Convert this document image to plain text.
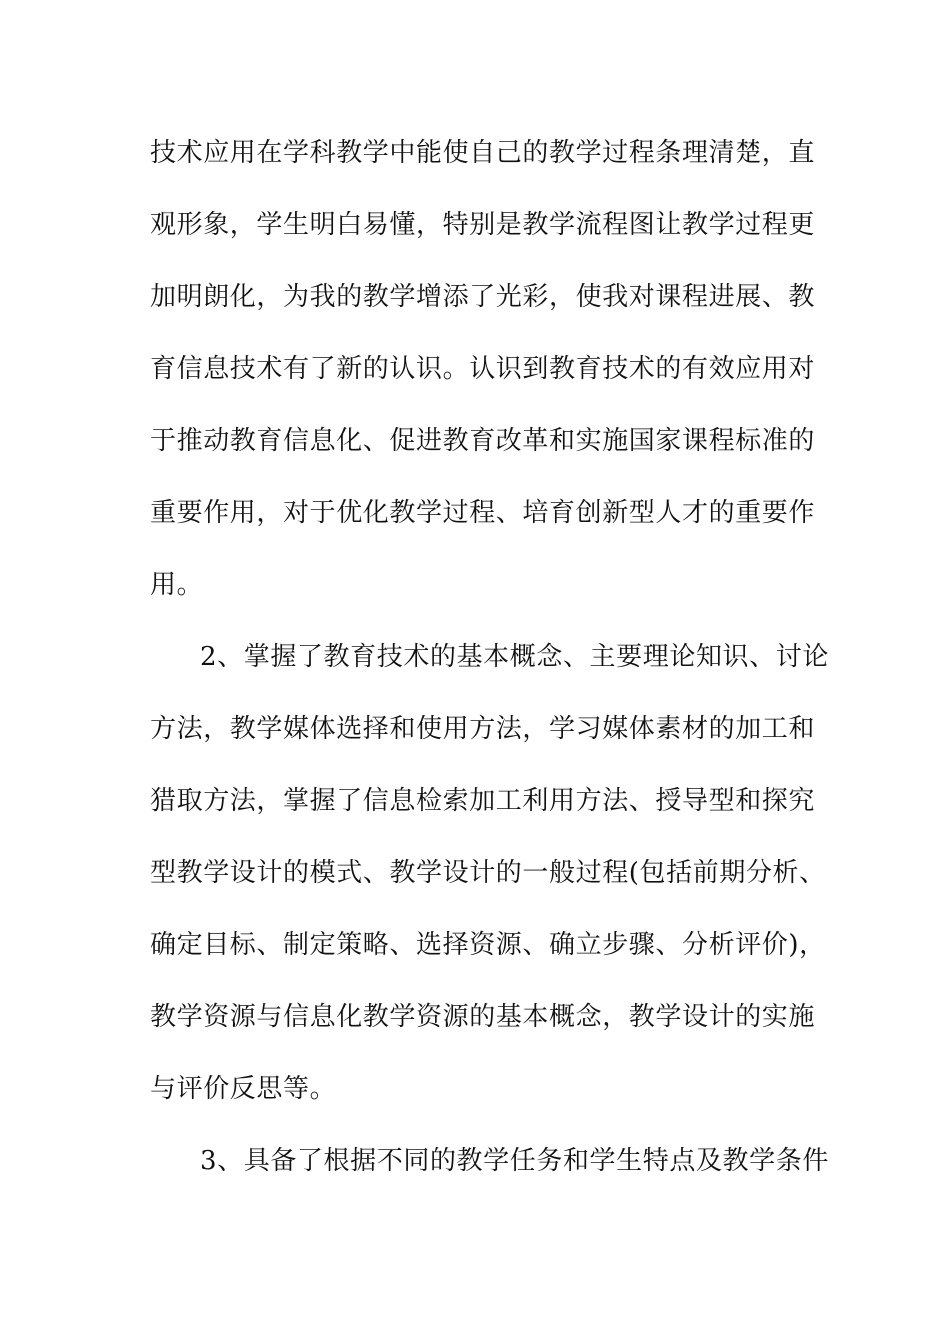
技术应用在学科教学中能使自己的教学过程条理清楚，直

观形象，学生明白易懂，特别是教学流程图让教学过程更

加明朗化，为我的教学增添了光彩，使我对课程进展、教

育信息技术有了新的认识。认识到教育技术的有效应用对

于推动教育信息化、促进教育改革和实施国家课程标准的

重要作用，对于优化教学过程、培育创新型人才的重要作

用。

2、掌握了教育技术的基本概念、主要理论知识、讨论

方法，教学媒体选择和使用方法，学习媒体素材的加工和

猎取方法，掌握了信息检索加工利用方法、授导型和探究

型教学设计的模式、教学设计的一般过程(包括前期分析、

确定目标、制定策略、选择资源、确立步骤、分析评价)，

教学资源与信息化教学资源的基本概念，教学设计的实施

与评价反思等。

3、具备了根据不同的教学任务和学生特点及教学条件
